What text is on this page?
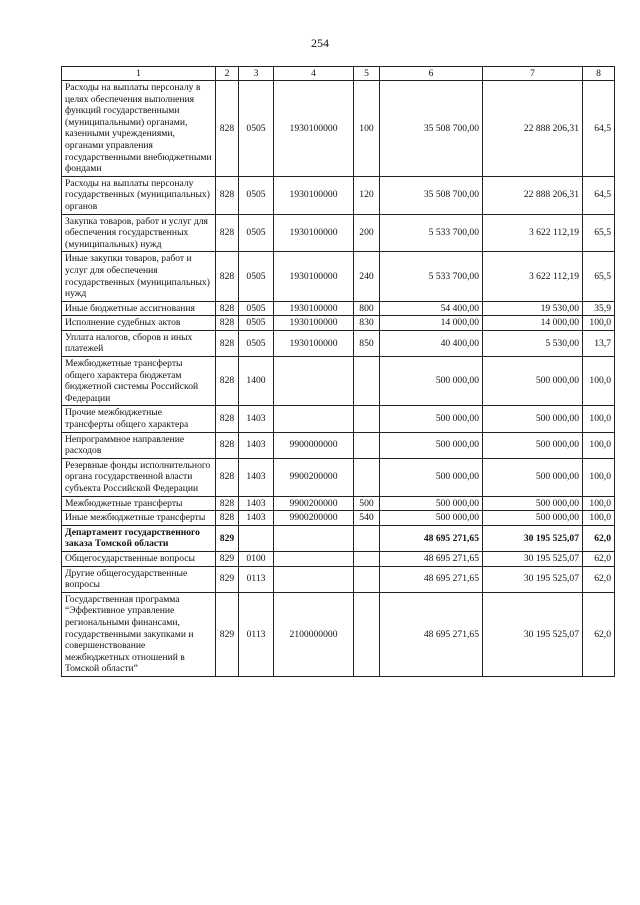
254
1	2	3	4	5	6	7	8
Расходы на выплаты персоналу в целях обеспечения выполнения функций государственными (муниципальными) органами, казенными учреждениями, органами управления государственными внебюджетными фондами	828	0505	1930100000	100	35 508 700,00	22 888 206,31	64,5
Расходы на выплаты персоналу государственных (муниципальных) органов	828	0505	1930100000	120	35 508 700,00	22 888 206,31	64,5
Закупка товаров, работ и услуг для обеспечения государственных (муниципальных) нужд	828	0505	1930100000	200	5 533 700,00	3 622 112,19	65,5
Иные закупки товаров, работ и услуг для обеспечения государственных (муниципальных) нужд	828	0505	1930100000	240	5 533 700,00	3 622 112,19	65,5
Иные бюджетные ассигнования	828	0505	1930100000	800	54 400,00	19 530,00	35,9
Исполнение судебных актов	828	0505	1930100000	830	14 000,00	14 000,00	100,0
Уплата налогов, сборов и иных платежей	828	0505	1930100000	850	40 400,00	5 530,00	13,7
Межбюджетные трансферты общего характера бюджетам бюджетной системы Российской Федерации	828	1400			500 000,00	500 000,00	100,0
Прочие межбюджетные трансферты общего характера	828	1403			500 000,00	500 000,00	100,0
Непрограммное направление расходов	828	1403	9900000000		500 000,00	500 000,00	100,0
Резервные фонды исполнительного органа государственной власти субъекта Российской Федерации	828	1403	9900200000		500 000,00	500 000,00	100,0
Межбюджетные трансферты	828	1403	9900200000	500	500 000,00	500 000,00	100,0
Иные межбюджетные трансферты	828	1403	9900200000	540	500 000,00	500 000,00	100,0
Департамент государственного заказа Томской области	829				48 695 271,65	30 195 525,07	62,0
Общегосударственные вопросы	829	0100			48 695 271,65	30 195 525,07	62,0
Другие общегосударственные вопросы	829	0113			48 695 271,65	30 195 525,07	62,0
Государственная программа “Эффективное управление региональными финансами, государственными закупками и совершенствование межбюджетных отношений в Томской области”	829	0113	2100000000		48 695 271,65	30 195 525,07	62,0
